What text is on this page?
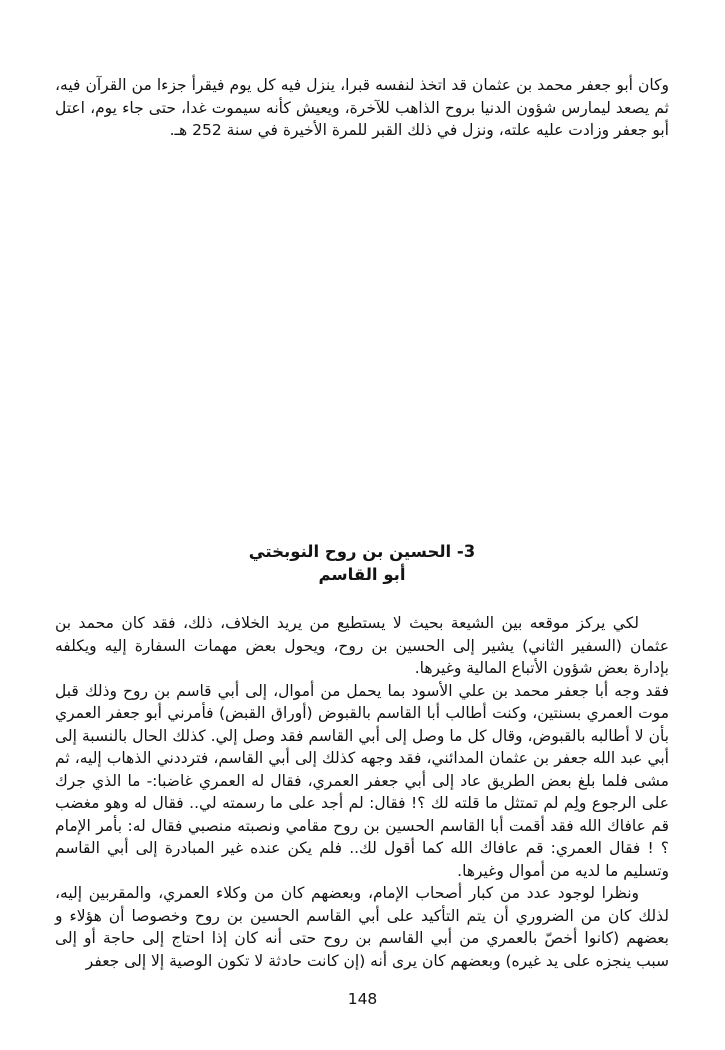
وكان أبو جعفر محمد بن عثمان قد اتخذ لنفسه قبرا، ينزل فيه كل يوم فيقرأ جزءا من القرآن فيه، ثم يصعد ليمارس شؤون الدنيا بروح الذاهب للآخرة، ويعيش كأنه سيموت غدا، حتى جاء يوم، اعتل أبو جعفر وزادت عليه علته، ونزل في ذلك القبر للمرة الأخيرة في سنة 252 هـ.

3- الحسين بن روح النوبختي
أبو القاسم

لكي يركز موقعه بين الشيعة بحيث لا يستطيع من يريد الخلاف، ذلك، فقد كان محمد بن عثمان (السفير الثاني) يشير إلى الحسين بن روح، ويحول بعض مهمات السفارة إليه ويكلفه بإدارة بعض شؤون الأتباع المالية وغيرها.

فقد وجه أبا جعفر محمد بن علي الأسود بما يحمل من أموال، إلى أبي قاسم بن روح وذلك قبل موت العمري بسنتين، وكنت أطالب أبا القاسم بالقبوض (أوراق القبض) فأمرني أبو جعفر العمري بأن لا أطالبه بالقبوض، وقال كل ما وصل إلى أبي القاسم فقد وصل إلي. كذلك الحال بالنسبة إلى أبي عبد الله جعفر بن عثمان المدائني، فقد وجهه كذلك إلى أبي القاسم، فترددني الذهاب إليه، ثم مشى فلما بلغ بعض الطريق عاد إلى أبي جعفر العمري، فقال له العمري غاضبا:- ما الذي جرك على الرجوع ولِم لم تمتثل ما قلته لك ؟! فقال: لم أجد على ما رسمته لي.. فقال له وهو مغضب قم عافاك الله فقد أقمت أبا القاسم الحسين بن روح مقامي ونصبته منصبي فقال له: بأمر الإمام ؟ ! فقال العمري: قم عافاك الله كما أقول لك.. فلم يكن عنده غير المبادرة إلى أبي القاسم وتسليم ما لديه من أموال وغيرها.

ونظرا لوجود عدد من كبار أصحاب الإمام، وبعضهم كان من وكلاء العمري، والمقربين إليه، لذلك كان من الضروري أن يتم التأكيد على أبي القاسم الحسين بن روح وخصوصا أن هؤلاء و بعضهم (كانوا أخصّ بالعمري من أبي القاسم بن روح حتى أنه كان إذا احتاج إلى حاجة أو إلى سبب ينجزه على يد غيره) وبعضهم كان يرى أنه (إن كانت حادثة لا تكون الوصية إلا إلى جعفر

148
